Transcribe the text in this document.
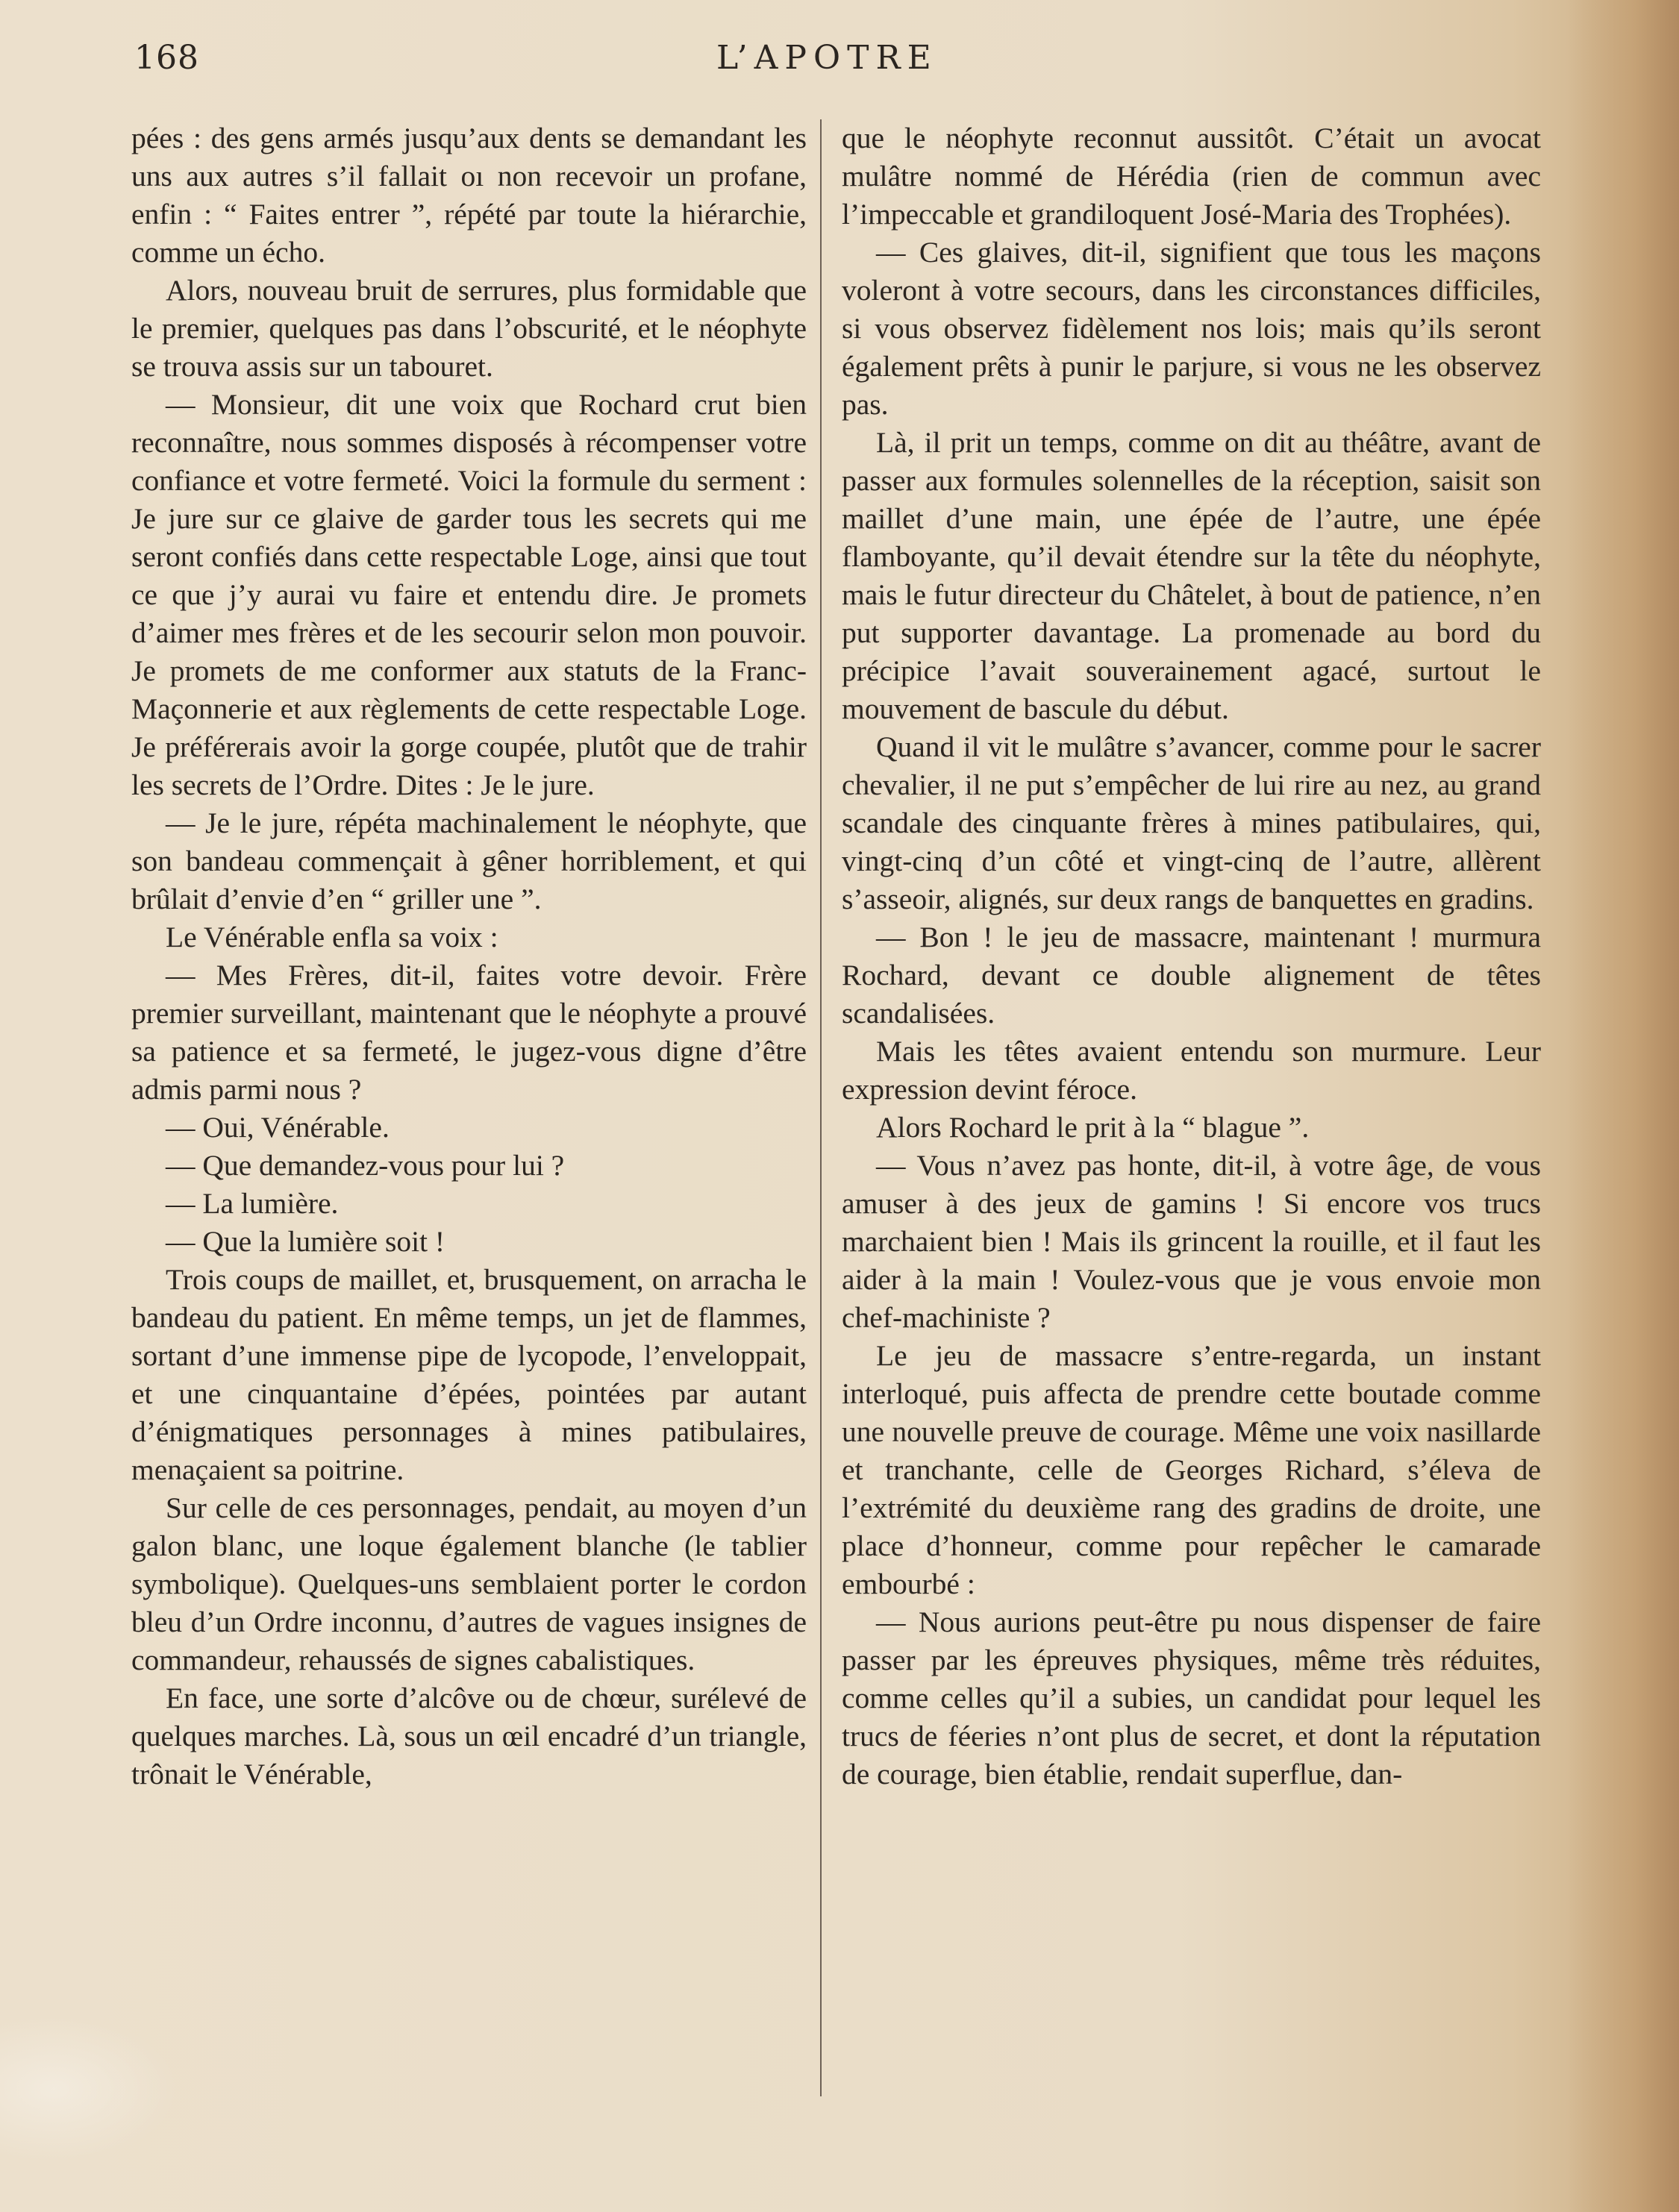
168	L’APOTRE

pées : des gens armés jusqu’aux dents se demandant les uns aux autres s’il fallait oı non recevoir un profane, enfin : “ Faites entrer ”, répété par toute la hiérarchie, comme un écho.

Alors, nouveau bruit de serrures, plus formidable que le premier, quelques pas dans l’obscurité, et le néophyte se trouva assis sur un tabouret.

— Monsieur, dit une voix que Rochard crut bien reconnaître, nous sommes disposés à récompenser votre confiance et votre fermeté. Voici la formule du serment : Je jure sur ce glaive de garder tous les secrets qui me seront confiés dans cette respectable Loge, ainsi que tout ce que j’y aurai vu faire et entendu dire. Je promets d’aimer mes frères et de les secourir selon mon pouvoir. Je promets de me conformer aux statuts de la Franc-Maçonnerie et aux règlements de cette respectable Loge. Je préférerais avoir la gorge coupée, plutôt que de trahir les secrets de l’Ordre. Dites : Je le jure.

— Je le jure, répéta machinalement le néophyte, que son bandeau commençait à gêner horriblement, et qui brûlait d’envie d’en “ griller une ”.

Le Vénérable enfla sa voix :

— Mes Frères, dit-il, faites votre devoir. Frère premier surveillant, maintenant que le néophyte a prouvé sa patience et sa fermeté, le jugez-vous digne d’être admis parmi nous ?

— Oui, Vénérable.

— Que demandez-vous pour lui ?

— La lumière.

— Que la lumière soit !

Trois coups de maillet, et, brusquement, on arracha le bandeau du patient. En même temps, un jet de flammes, sortant d’une immense pipe de lycopode, l’enveloppait, et une cinquantaine d’épées, pointées par autant d’énigmatiques personnages à mines patibulaires, menaçaient sa poitrine.

Sur celle de ces personnages, pendait, au moyen d’un galon blanc, une loque également blanche (le tablier symbolique). Quelques-uns semblaient porter le cordon bleu d’un Ordre inconnu, d’autres de vagues insignes de commandeur, rehaussés de signes cabalistiques.

En face, une sorte d’alcôve ou de chœur, surélevé de quelques marches. Là, sous un œil encadré d’un triangle, trônait le Vénérable,

que le néophyte reconnut aussitôt. C’était un avocat mulâtre nommé de Hérédia (rien de commun avec l’impeccable et grandiloquent José-Maria des Trophées).

— Ces glaives, dit-il, signifient que tous les maçons voleront à votre secours, dans les circonstances difficiles, si vous observez fidèlement nos lois; mais qu’ils seront également prêts à punir le parjure, si vous ne les observez pas.

Là, il prit un temps, comme on dit au théâtre, avant de passer aux formules solennelles de la réception, saisit son maillet d’une main, une épée de l’autre, une épée flamboyante, qu’il devait étendre sur la tête du néophyte, mais le futur directeur du Châtelet, à bout de patience, n’en put supporter davantage. La promenade au bord du précipice l’avait souverainement agacé, surtout le mouvement de bascule du début.

Quand il vit le mulâtre s’avancer, comme pour le sacrer chevalier, il ne put s’empêcher de lui rire au nez, au grand scandale des cinquante frères à mines patibulaires, qui, vingt-cinq d’un côté et vingt-cinq de l’autre, allèrent s’asseoir, alignés, sur deux rangs de banquettes en gradins.

— Bon ! le jeu de massacre, maintenant ! murmura Rochard, devant ce double alignement de têtes scandalisées.

Mais les têtes avaient entendu son murmure. Leur expression devint féroce.

Alors Rochard le prit à la “ blague ”.

— Vous n’avez pas honte, dit-il, à votre âge, de vous amuser à des jeux de gamins ! Si encore vos trucs marchaient bien ! Mais ils grincent la rouille, et il faut les aider à la main ! Voulez-vous que je vous envoie mon chef-machiniste ?

Le jeu de massacre s’entre-regarda, un instant interloqué, puis affecta de prendre cette boutade comme une nouvelle preuve de courage. Même une voix nasillarde et tranchante, celle de Georges Richard, s’éleva de l’extrémité du deuxième rang des gradins de droite, une place d’honneur, comme pour repêcher le camarade embourbé :

— Nous aurions peut-être pu nous dispenser de faire passer par les épreuves physiques, même très réduites, comme celles qu’il a subies, un candidat pour lequel les trucs de féeries n’ont plus de secret, et dont la réputation de courage, bien établie, rendait superflue, dan-
